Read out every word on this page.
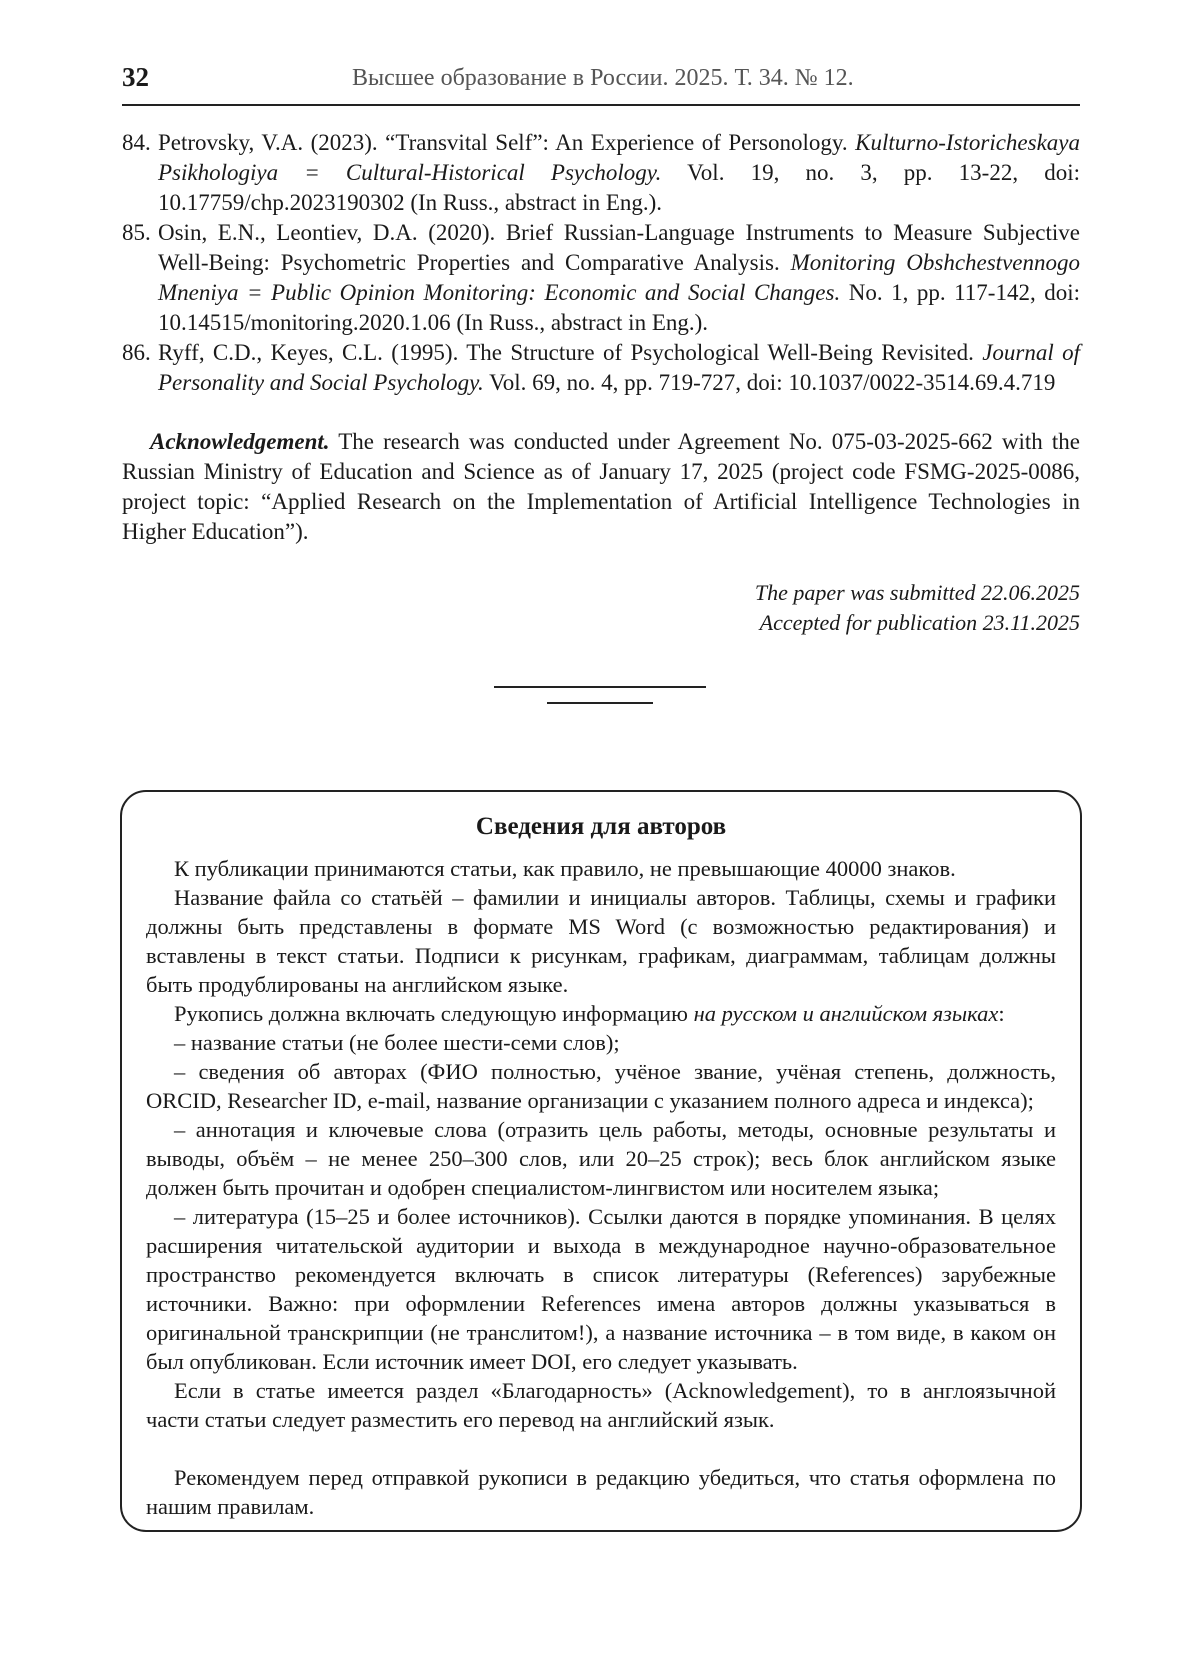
32	Высшее образование в России. 2025. Т. 34. № 12.
84. Petrovsky, V.A. (2023). “Transvital Self”: An Experience of Personology. Kulturno-Istoricheskaya Psikhologiya = Cultural-Historical Psychology. Vol. 19, no. 3, pp. 13-22, doi: 10.17759/chp.2023190302 (In Russ., abstract in Eng.).
85. Osin, E.N., Leontiev, D.A. (2020). Brief Russian-Language Instruments to Measure Subjective Well-Being: Psychometric Properties and Comparative Analysis. Monitoring Obshchestvennogo Mneniya = Public Opinion Monitoring: Economic and Social Changes. No. 1, pp. 117-142, doi: 10.14515/monitoring.2020.1.06 (In Russ., abstract in Eng.).
86. Ryff, C.D., Keyes, C.L. (1995). The Structure of Psychological Well-Being Revisited. Journal of Personality and Social Psychology. Vol. 69, no. 4, pp. 719-727, doi: 10.1037/0022-3514.69.4.719

Acknowledgement. The research was conducted under Agreement No. 075-03-2025-662 with the Russian Ministry of Education and Science as of January 17, 2025 (project code FSMG-2025-0086, project topic: “Applied Research on the Implementation of Artificial Intelligence Technologies in Higher Education”).

The paper was submitted 22.06.2025
Accepted for publication 23.11.2025
Сведения для авторов

К публикации принимаются статьи, как правило, не превышающие 40000 знаков.

Название файла со статьёй – фамилии и инициалы авторов. Таблицы, схемы и графики должны быть представлены в формате MS Word (с возможностью редактирования) и вставлены в текст статьи. Подписи к рисункам, графикам, диаграммам, таблицам должны быть продублированы на английском языке.

Рукопись должна включать следующую информацию на русском и английском языках:

– название статьи (не более шести-семи слов);

– сведения об авторах (ФИО полностью, учёное звание, учёная степень, должность, ORCID, Researcher ID, e-mail, название организации с указанием полного адреса и индекса);

– аннотация и ключевые слова (отразить цель работы, методы, основные результаты и выводы, объём – не менее 250–300 слов, или 20–25 строк); весь блок английском языке должен быть прочитан и одобрен специалистом-лингвистом или носителем языка;

– литература (15–25 и более источников). Ссылки даются в порядке упоминания. В целях расширения читательской аудитории и выхода в международное научно-образовательное пространство рекомендуется включать в список литературы (References) зарубежные источники. Важно: при оформлении References имена авторов должны указываться в оригинальной транскрипции (не транслитом!), а название источника – в том виде, в каком он был опубликован. Если источник имеет DOI, его следует указывать.

Если в статье имеется раздел «Благодарность» (Acknowledgement), то в англоязычной части статьи следует разместить его перевод на английский язык.

Рекомендуем перед отправкой рукописи в редакцию убедиться, что статья оформлена по нашим правилам.
